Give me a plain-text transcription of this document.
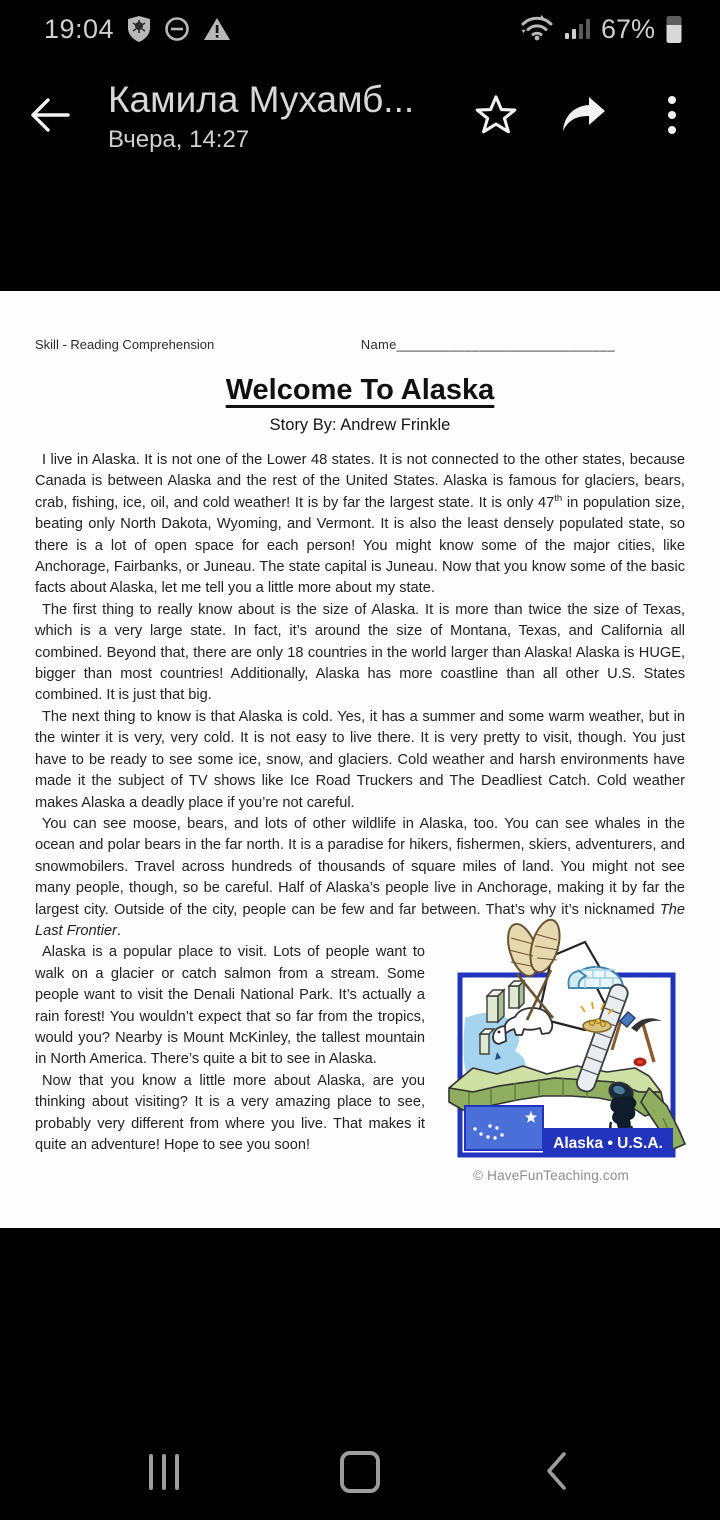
19:04	67%
Камила Мухамб...
Вчера, 14:27
Skill - Reading Comprehension	Name_____________________________
Welcome To Alaska
Story By: Andrew Frinkle

I live in Alaska. It is not one of the Lower 48 states. It is not connected to the other states, because Canada is between Alaska and the rest of the United States. Alaska is famous for glaciers, bears, crab, fishing, ice, oil, and cold weather! It is by far the largest state. It is only 47th in population size, beating only North Dakota, Wyoming, and Vermont. It is also the least densely populated state, so there is a lot of open space for each person! You might know some of the major cities, like Anchorage, Fairbanks, or Juneau. The state capital is Juneau. Now that you know some of the basic facts about Alaska, let me tell you a little more about my state.

The first thing to really know about is the size of Alaska. It is more than twice the size of Texas, which is a very large state. In fact, it’s around the size of Montana, Texas, and California all combined. Beyond that, there are only 18 countries in the world larger than Alaska! Alaska is HUGE, bigger than most countries! Additionally, Alaska has more coastline than all other U.S. States combined. It is just that big.

The next thing to know is that Alaska is cold. Yes, it has a summer and some warm weather, but in the winter it is very, very cold. It is not easy to live there. It is very pretty to visit, though. You just have to be ready to see some ice, snow, and glaciers. Cold weather and harsh environments have made it the subject of TV shows like Ice Road Truckers and The Deadliest Catch. Cold weather makes Alaska a deadly place if you’re not careful.

You can see moose, bears, and lots of other wildlife in Alaska, too. You can see whales in the ocean and polar bears in the far north. It is a paradise for hikers, fishermen, skiers, adventurers, and snowmobilers. Travel across hundreds of thousands of square miles of land. You might not see many people, though, so be careful. Half of Alaska’s people live in Anchorage, making it by far the largest city. Outside of the city, people can be few and far between. That’s why it’s nicknamed The Last Frontier.

Alaska • U.S.A.

Alaska is a popular place to visit. Lots of people want to walk on a glacier or catch salmon from a stream. Some people want to visit the Denali National Park. It’s actually a rain forest! You wouldn’t expect that so far from the tropics, would you? Nearby is Mount McKinley, the tallest mountain in North America. There’s quite a bit to see in Alaska.

Now that you know a little more about Alaska, are you thinking about visiting? It is a very amazing place to see, probably very different from where you live. That makes it quite an adventure! Hope to see you soon!

© HaveFunTeaching.com
